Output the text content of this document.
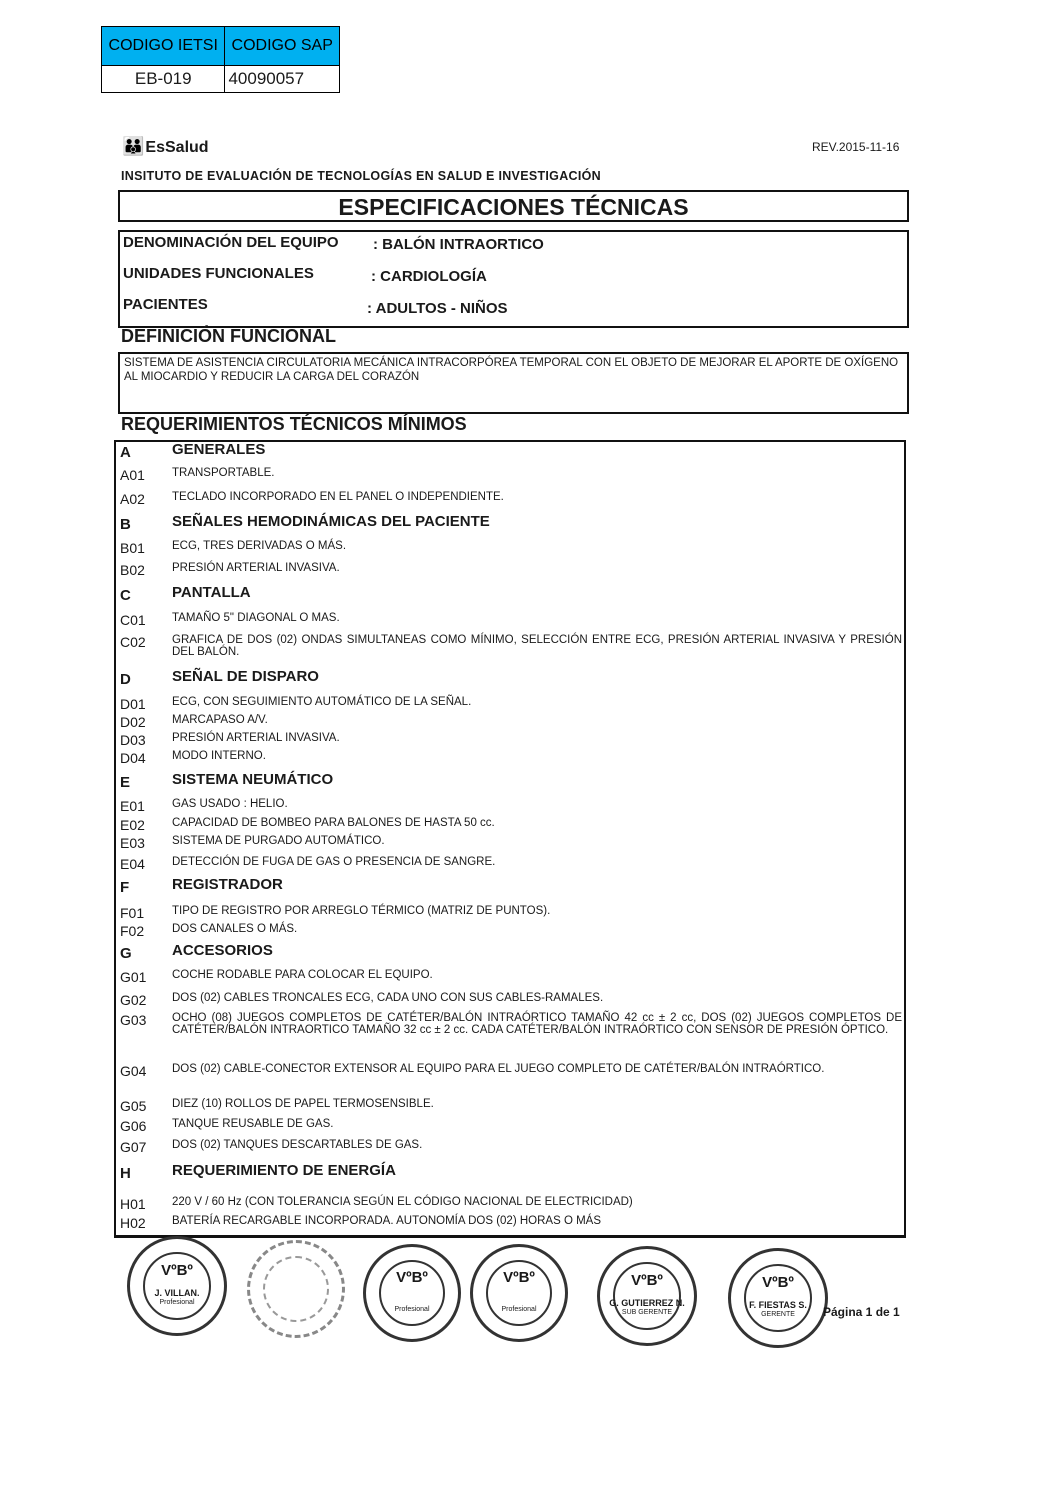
CODIGO IETSI	CODIGO SAP
EB-019	40090057
👪 EsSalud	REV.2015-11-16
INSITUTO DE EVALUACIÓN DE TECNOLOGÍAS EN SALUD E INVESTIGACIÓN
ESPECIFICACIONES TÉCNICAS
DENOMINACIÓN DEL EQUIPO : BALÓN INTRAORTICO
UNIDADES FUNCIONALES	: CARDIOLOGÍA
PACIENTES	: ADULTOS - NIÑOS
DEFINICIÓN FUNCIONAL
SISTEMA DE ASISTENCIA CIRCULATORIA MECÁNICA INTRACORPÓREA TEMPORAL CON EL OBJETO DE MEJORAR EL APORTE DE OXÍGENO AL MIOCARDIO Y REDUCIR LA CARGA DEL CORAZÓN
REQUERIMIENTOS TÉCNICOS MÍNIMOS
A	GENERALES
A01	TRANSPORTABLE.
A02	TECLADO INCORPORADO EN EL PANEL O INDEPENDIENTE.
B	SEÑALES HEMODINÁMICAS DEL PACIENTE
B01	ECG, TRES DERIVADAS O MÁS.
B02	PRESIÓN ARTERIAL INVASIVA.
C	PANTALLA
C01	TAMAÑO 5" DIAGONAL O MAS.
C02	GRAFICA DE DOS (02) ONDAS SIMULTANEAS COMO MÍNIMO, SELECCIÓN ENTRE ECG, PRESIÓN ARTERIAL INVASIVA Y PRESIÓN DEL BALÓN.
D	SEÑAL DE DISPARO
D01	ECG, CON SEGUIMIENTO AUTOMÁTICO DE LA SEÑAL.
D02	MARCAPASO A/V.
D03	PRESIÓN ARTERIAL INVASIVA.
D04	MODO INTERNO.
E	SISTEMA NEUMÁTICO
E01	GAS USADO : HELIO.
E02	CAPACIDAD DE BOMBEO PARA BALONES DE HASTA 50 cc.
E03	SISTEMA DE PURGADO AUTOMÁTICO.
E04	DETECCIÓN DE FUGA DE GAS O PRESENCIA DE SANGRE.
F	REGISTRADOR
F01	TIPO DE REGISTRO POR ARREGLO TÉRMICO (MATRIZ DE PUNTOS).
F02	DOS CANALES O MÁS.
G	ACCESORIOS
G01	COCHE RODABLE PARA COLOCAR EL EQUIPO.
G02	DOS (02) CABLES TRONCALES ECG, CADA UNO CON SUS CABLES-RAMALES.
G03	OCHO (08) JUEGOS COMPLETOS DE CATÉTER/BALÓN INTRAÓRTICO TAMAÑO 42 cc ± 2 cc, DOS (02) JUEGOS COMPLETOS DE CATÉTER/BALÓN INTRAORTICO TAMAÑO 32 cc ± 2 cc. CADA CATÉTER/BALÓN INTRAÓRTICO CON SENSOR DE PRESIÓN ÓPTICO.
G04	DOS (02) CABLE-CONECTOR EXTENSOR AL EQUIPO PARA EL JUEGO COMPLETO DE CATÉTER/BALÓN INTRAÓRTICO.
G05	DIEZ (10) ROLLOS DE PAPEL TERMOSENSIBLE.
G06	TANQUE REUSABLE DE GAS.
G07	DOS (02) TANQUES DESCARTABLES DE GAS.
H	REQUERIMIENTO DE ENERGÍA
H01	220 V / 60 Hz (CON TOLERANCIA SEGÚN EL CÓDIGO NACIONAL DE ELECTRICIDAD)
H02	BATERÍA RECARGABLE INCORPORADA. AUTONOMÍA DOS (02) HORAS O MÁS
VºBº
J. VILLAN.
Profesional
VºBº
Profesional
VºBº
Profesional
VºBº
G. GUTIERREZ N.
SUB GERENTE
VºBº
F. FIESTAS S.
GERENTE	Página 1 de 1
